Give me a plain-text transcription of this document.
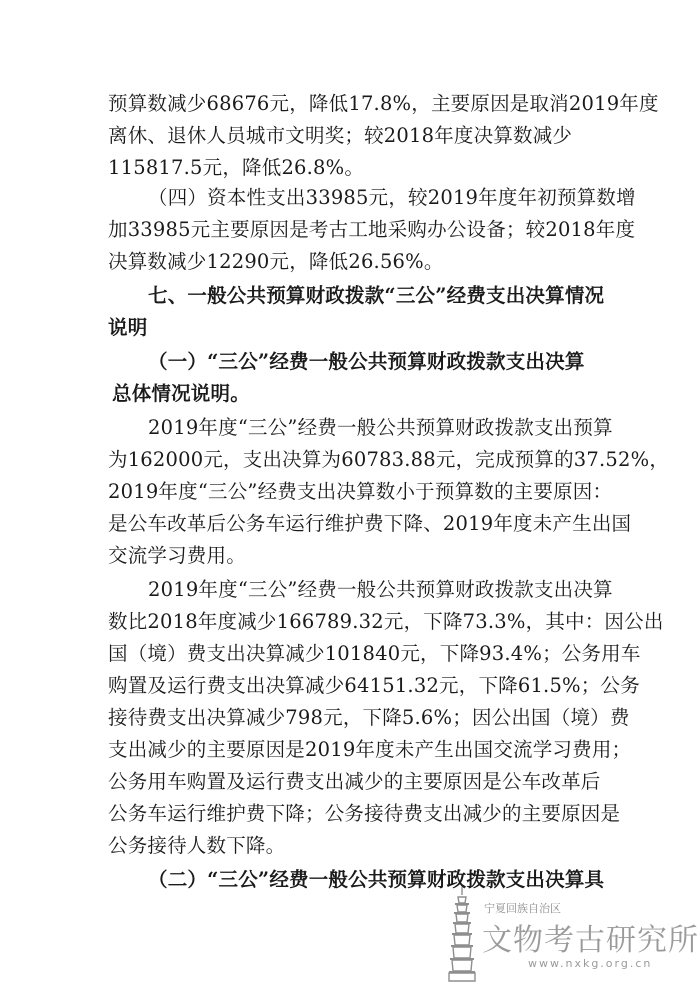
预算数减少68676元，降低17.8%，主要原因是取消2019年度
离休、退休人员城市文明奖；较2018年度决算数减少
115817.5元，降低26.8%。
（四）资本性支出33985元，较2019年度年初预算数增
加33985元主要原因是考古工地采购办公设备；较2018年度
决算数减少12290元，降低26.56%。
七、一般公共预算财政拨款“三公”经费支出决算情况
说明
（一）“三公”经费一般公共预算财政拨款支出决算
总体情况说明。
2019年度“三公”经费一般公共预算财政拨款支出预算
为162000元，支出决算为60783.88元，完成预算的37.52%，
2019年度“三公”经费支出决算数小于预算数的主要原因：
是公车改革后公务车运行维护费下降、2019年度未产生出国
交流学习费用。
2019年度“三公”经费一般公共预算财政拨款支出决算
数比2018年度减少166789.32元，下降73.3%，其中：因公出
国（境）费支出决算减少101840元，下降93.4%；公务用车
购置及运行费支出决算减少64151.32元，下降61.5%；公务
接待费支出决算减少798元，下降5.6%；因公出国（境）费
支出减少的主要原因是2019年度未产生出国交流学习费用；
公务用车购置及运行费支出减少的主要原因是公车改革后
公务车运行维护费下降；公务接待费支出减少的主要原因是
公务接待人数下降。
（二）“三公”经费一般公共预算财政拨款支出决算具
宁夏回族自治区
文物考古研究所
www.nxkg.org.cn
